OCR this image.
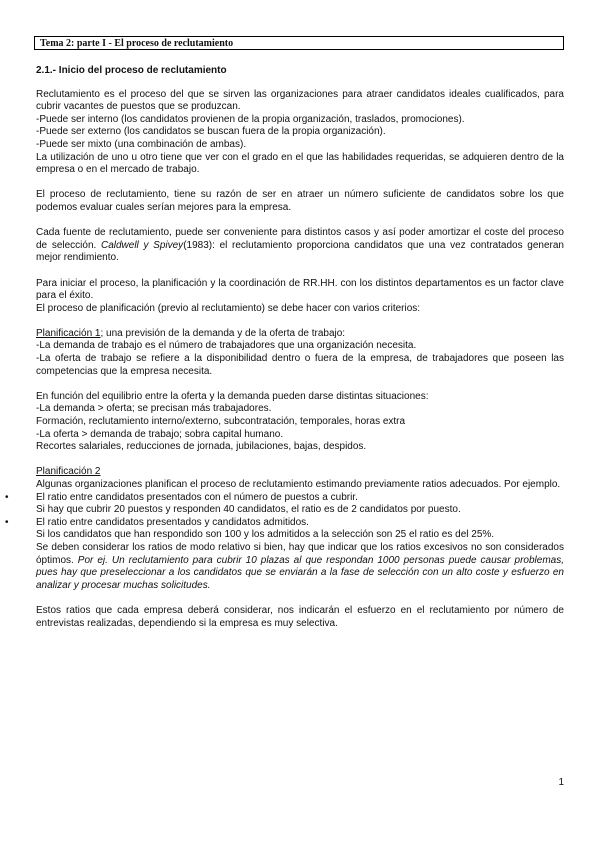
Tema 2: parte I - El proceso de reclutamiento

2.1.- Inicio del proceso de reclutamiento

Reclutamiento es el proceso del que se sirven las organizaciones para atraer candidatos ideales cualificados, para cubrir vacantes de puestos que se produzcan.

-Puede ser interno (los candidatos provienen de la propia organización, traslados, promociones).

-Puede ser externo (los candidatos se buscan fuera de la propia organización).

-Puede ser mixto (una combinación de ambas).

La utilización de uno u otro tiene que ver con el grado en el que las habilidades requeridas, se adquieren dentro de la empresa o en el mercado de trabajo.

El proceso de reclutamiento, tiene su razón de ser en atraer un número suficiente de candidatos sobre los que podemos evaluar cuales serían mejores para la empresa.

Cada fuente de reclutamiento, puede ser conveniente para distintos casos y así poder amortizar el coste del proceso de selección. Caldwell y Spivey(1983): el reclutamiento proporciona candidatos que una vez contratados generan mejor rendimiento.

Para iniciar el proceso, la planificación y la coordinación de RR.HH. con los distintos departamentos es un factor clave para el éxito.

El proceso de planificación (previo al reclutamiento) se debe hacer con varios criterios:

Planificación 1; una previsión de la demanda y de la oferta de trabajo:

-La demanda de trabajo es el número de trabajadores que una organización necesita.

-La oferta de trabajo se refiere a la disponibilidad dentro o fuera de la empresa, de trabajadores que poseen las competencias que la empresa necesita.

En función del equilibrio entre la oferta y la demanda pueden darse distintas situaciones:

-La demanda > oferta; se precisan más trabajadores.

Formación, reclutamiento interno/externo, subcontratación, temporales, horas extra

-La oferta > demanda de trabajo; sobra capital humano.

Recortes salariales, reducciones de jornada, jubilaciones, bajas, despidos.

Planificación 2

Algunas organizaciones planifican el proceso de reclutamiento estimando previamente ratios adecuados. Por ejemplo.

•	El ratio entre candidatos presentados con el número de puestos a cubrir.

Si hay que cubrir 20 puestos y responden 40 candidatos, el ratio es de 2 candidatos por puesto.

•	El ratio entre candidatos presentados y candidatos admitidos.

Si los candidatos que han respondido son 100 y los admitidos a la selección son 25 el ratio es del 25%.

Se deben considerar los ratios de modo relativo si bien, hay que indicar que los ratios excesivos no son considerados óptimos. Por ej. Un reclutamiento para cubrir 10 plazas al que respondan 1000 personas puede causar problemas, pues hay que preseleccionar a los candidatos que se enviarán a la fase de selección con un alto coste y esfuerzo en analizar y procesar muchas solicitudes.

Estos ratios que cada empresa deberá considerar, nos indicarán el esfuerzo en el reclutamiento por número de entrevistas realizadas, dependiendo si la empresa es muy selectiva.

1
